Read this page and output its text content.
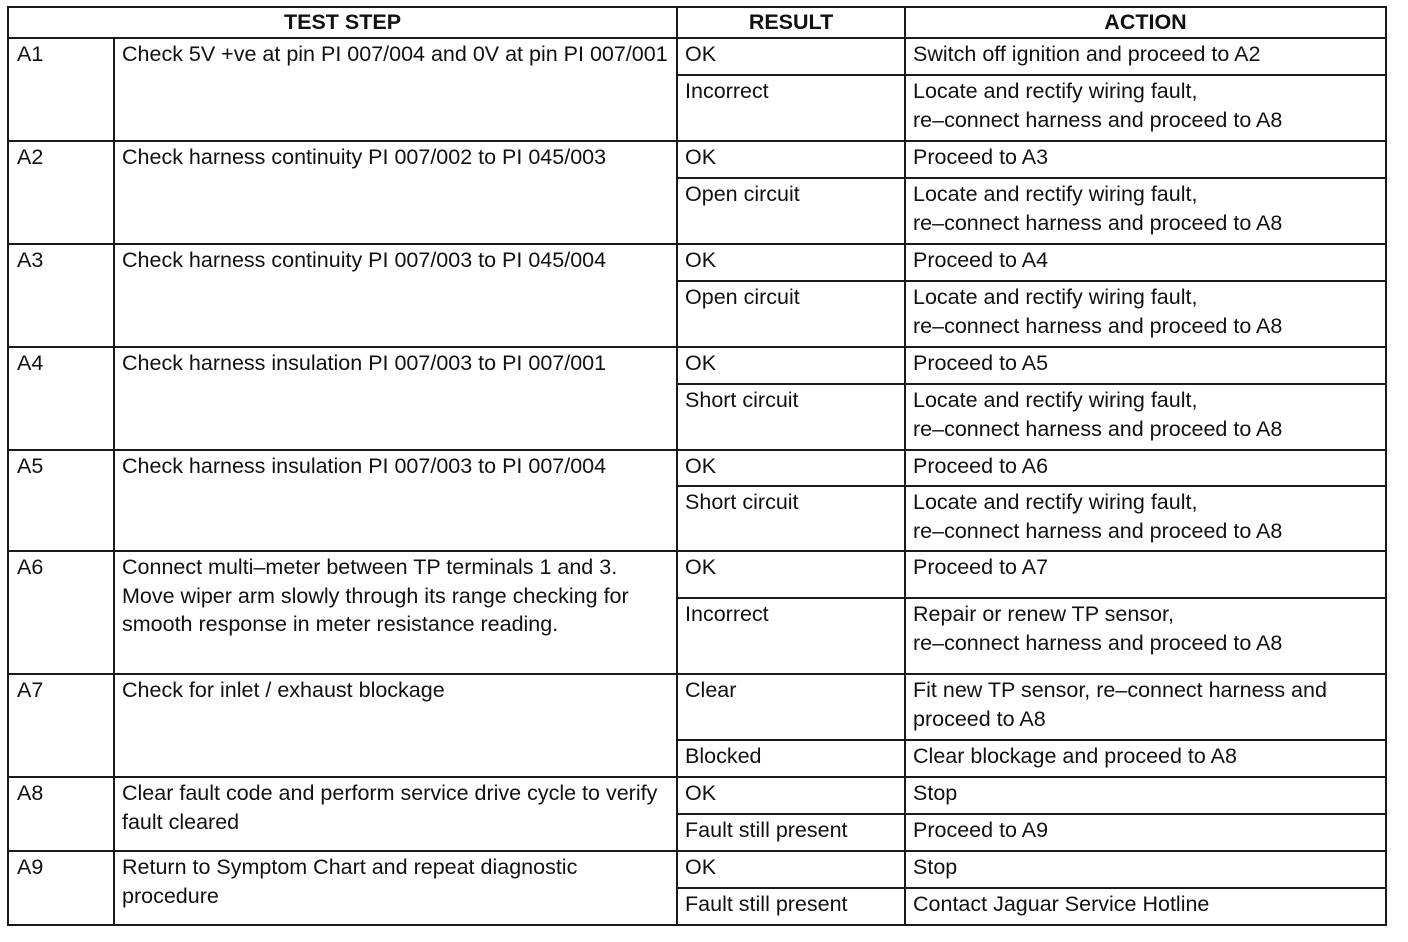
TEST STEP		RESULT	ACTION
A1	Check 5V +ve at pin PI 007/004 and 0V at pin PI 007/001	OK	Switch off ignition and proceed to A2
		Incorrect	Locate and rectify wiring fault,
re–connect harness and proceed to A8
A2	Check harness continuity PI 007/002 to PI 045/003	OK	Proceed to A3
		Open circuit	Locate and rectify wiring fault,
re–connect harness and proceed to A8
A3	Check harness continuity PI 007/003 to PI 045/004	OK	Proceed to A4
		Open circuit	Locate and rectify wiring fault,
re–connect harness and proceed to A8
A4	Check harness insulation PI 007/003 to PI 007/001	OK	Proceed to A5
		Short circuit	Locate and rectify wiring fault,
re–connect harness and proceed to A8
A5	Check harness insulation PI 007/003 to PI 007/004	OK	Proceed to A6
		Short circuit	Locate and rectify wiring fault,
re–connect harness and proceed to A8
A6	Connect multi–meter between TP terminals 1 and 3. Move wiper arm slowly through its range checking for smooth response in meter resistance reading.	OK	Proceed to A7
		Incorrect	Repair or renew TP sensor,
re–connect harness and proceed to A8
A7	Check for inlet / exhaust blockage	Clear	Fit new TP sensor, re–connect harness and proceed to A8
		Blocked	Clear blockage and proceed to A8
A8	Clear fault code and perform service drive cycle to verify fault cleared	OK	Stop
		Fault still present	Proceed to A9
A9	Return to Symptom Chart and repeat diagnostic procedure	OK	Stop
		Fault still present	Contact Jaguar Service Hotline
